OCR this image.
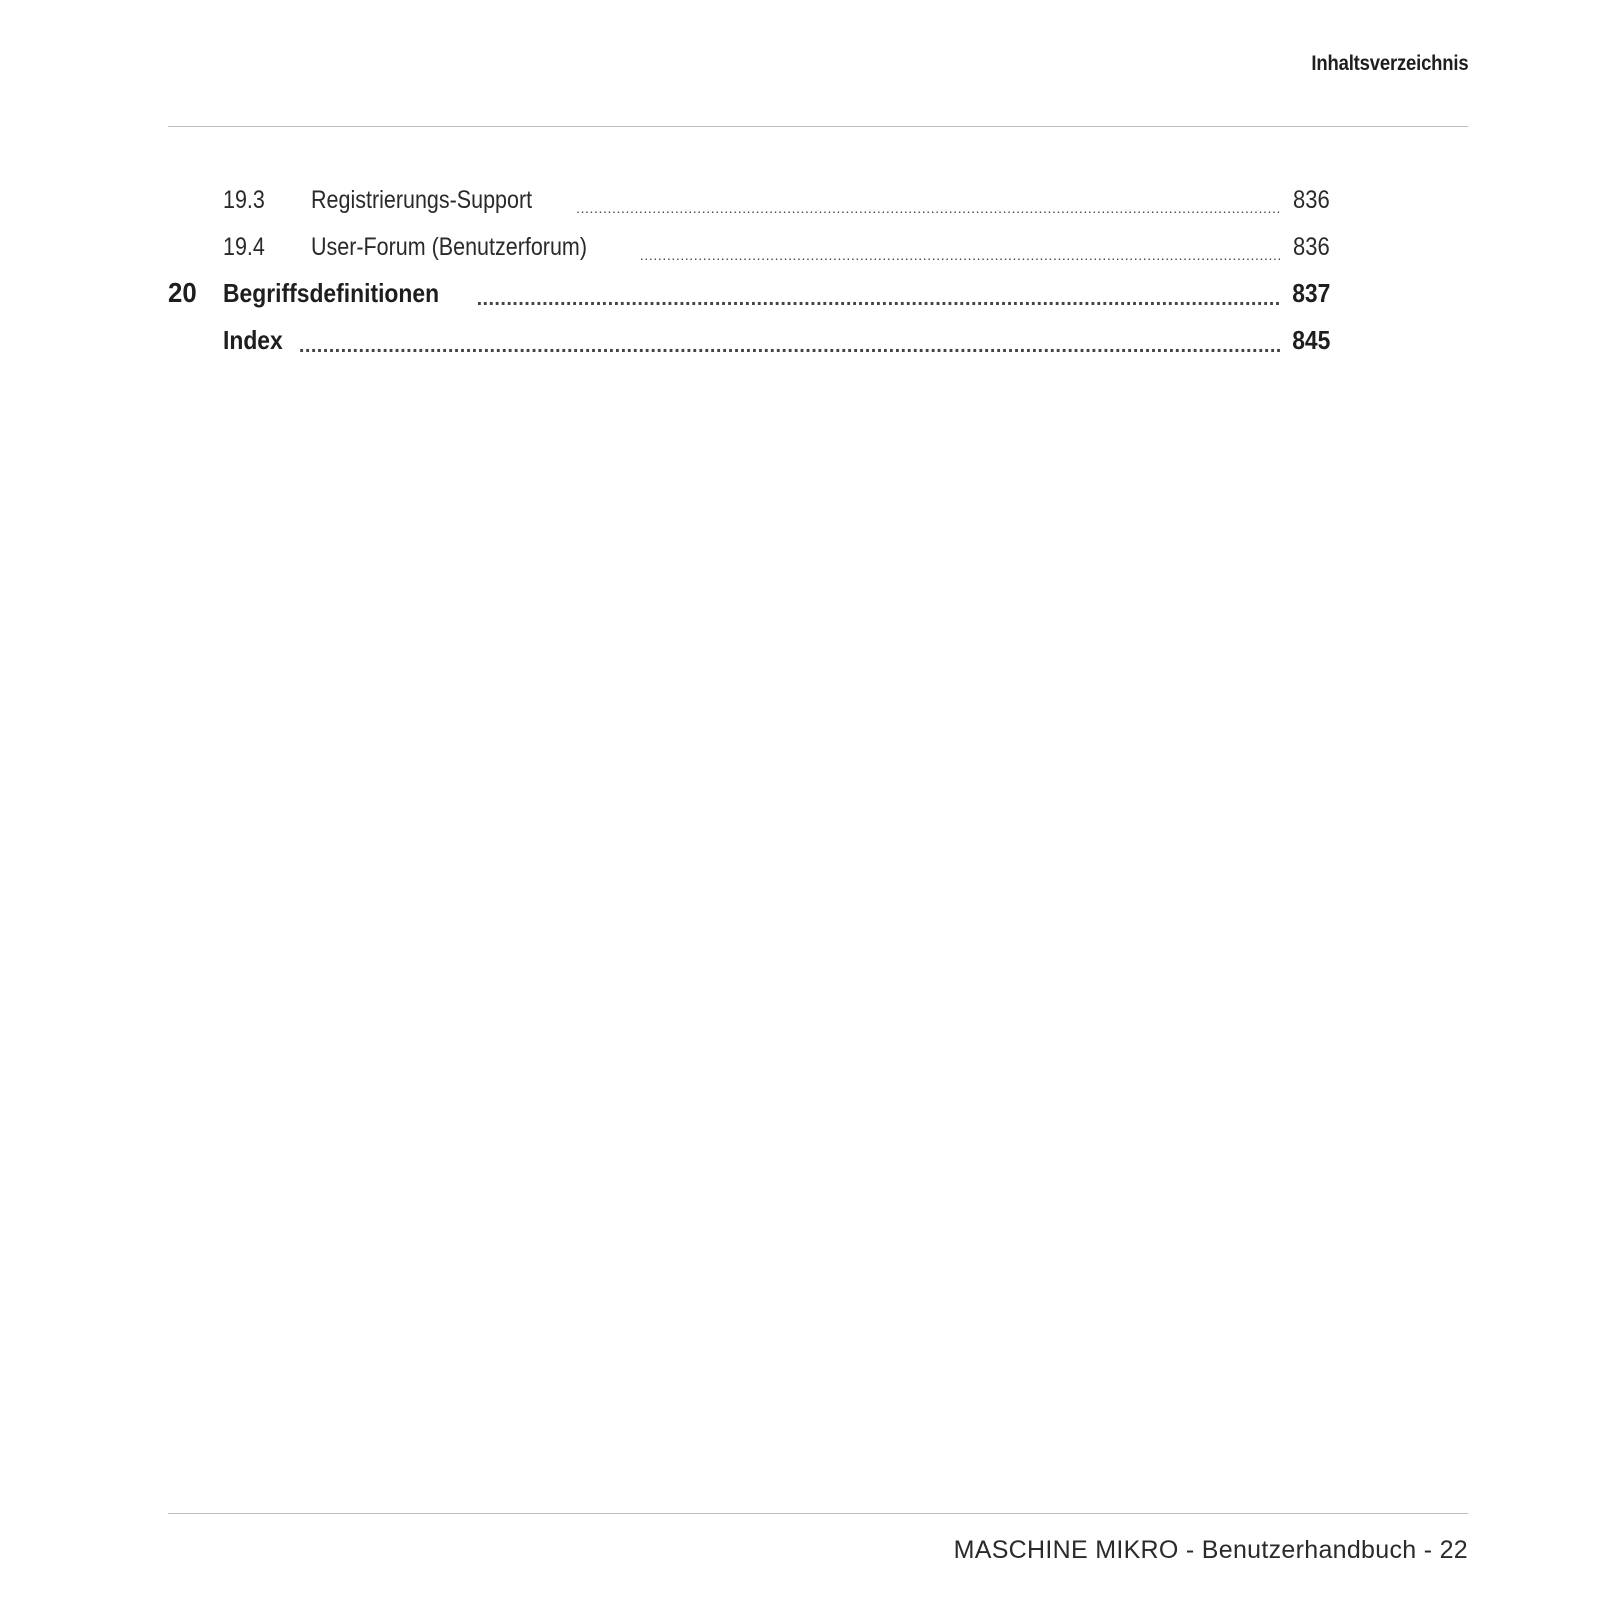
Inhaltsverzeichnis
19.3	Registrierungs-Support .....	836
19.4	User-Forum (Benutzerforum) .....	836
20 Begriffsdefinitionen .....	837
Index .....	845
MASCHINE MIKRO - Benutzerhandbuch - 22
